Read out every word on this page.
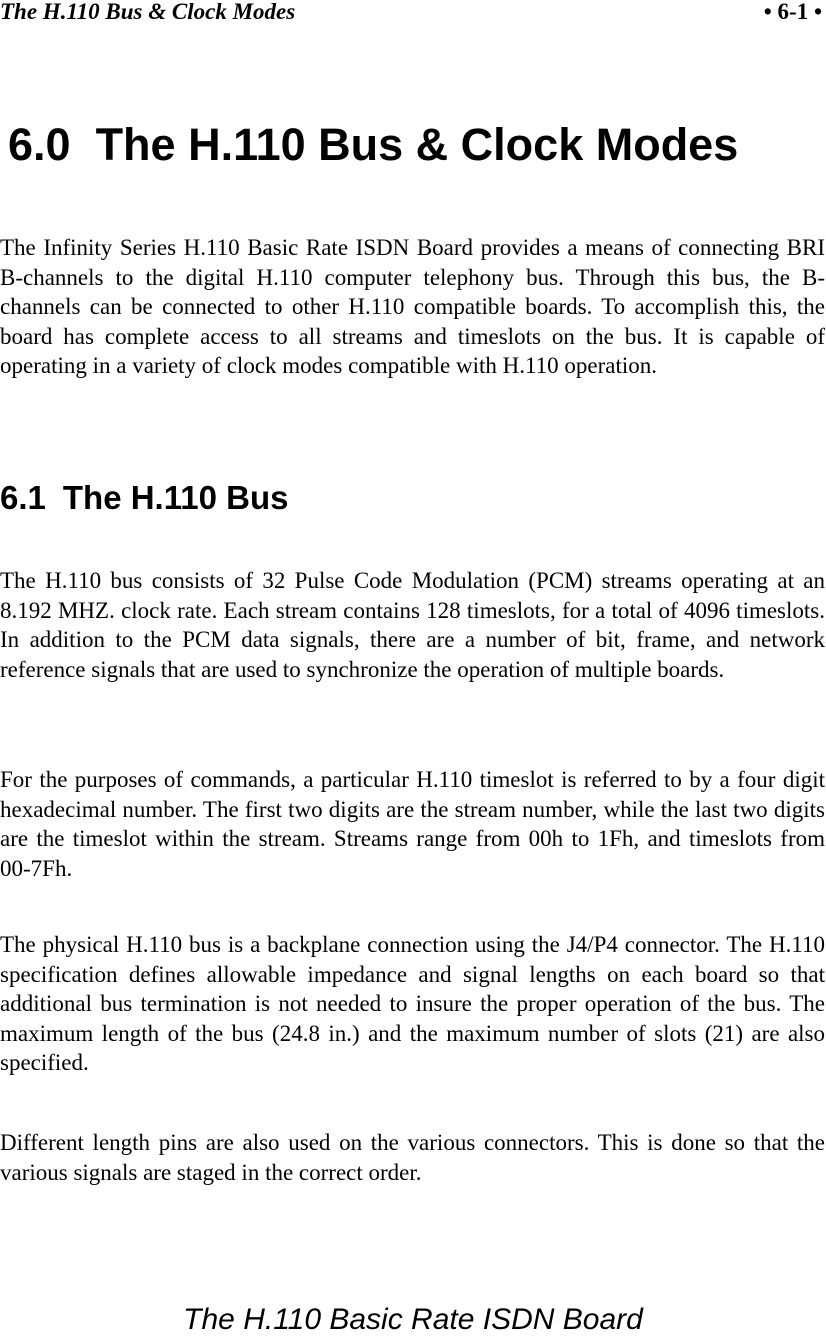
The H.110 Bus & Clock Modes	• 6-1 •
6.0 The H.110 Bus & Clock Modes

The Infinity Series H.110 Basic Rate ISDN Board provides a means of connecting BRI B-channels to the digital H.110 computer telephony bus. Through this bus, the B-channels can be connected to other H.110 compatible boards. To accomplish this, the board has complete access to all streams and timeslots on the bus. It is capable of operating in a variety of clock modes compatible with H.110 operation.

6.1 The H.110 Bus

The H.110 bus consists of 32 Pulse Code Modulation (PCM) streams operating at an 8.192 MHZ. clock rate. Each stream contains 128 timeslots, for a total of 4096 timeslots. In addition to the PCM data signals, there are a number of bit, frame, and network reference signals that are used to synchronize the operation of multiple boards.

For the purposes of commands, a particular H.110 timeslot is referred to by a four digit hexadecimal number. The first two digits are the stream number, while the last two digits are the timeslot within the stream. Streams range from 00h to 1Fh, and timeslots from 00-7Fh.

The physical H.110 bus is a backplane connection using the J4/P4 connector. The H.110 specification defines allowable impedance and signal lengths on each board so that additional bus termination is not needed to insure the proper operation of the bus. The maximum length of the bus (24.8 in.) and the maximum number of slots (21) are also specified.

Different length pins are also used on the various connectors. This is done so that the various signals are staged in the correct order.

The H.110 Basic Rate ISDN Board
